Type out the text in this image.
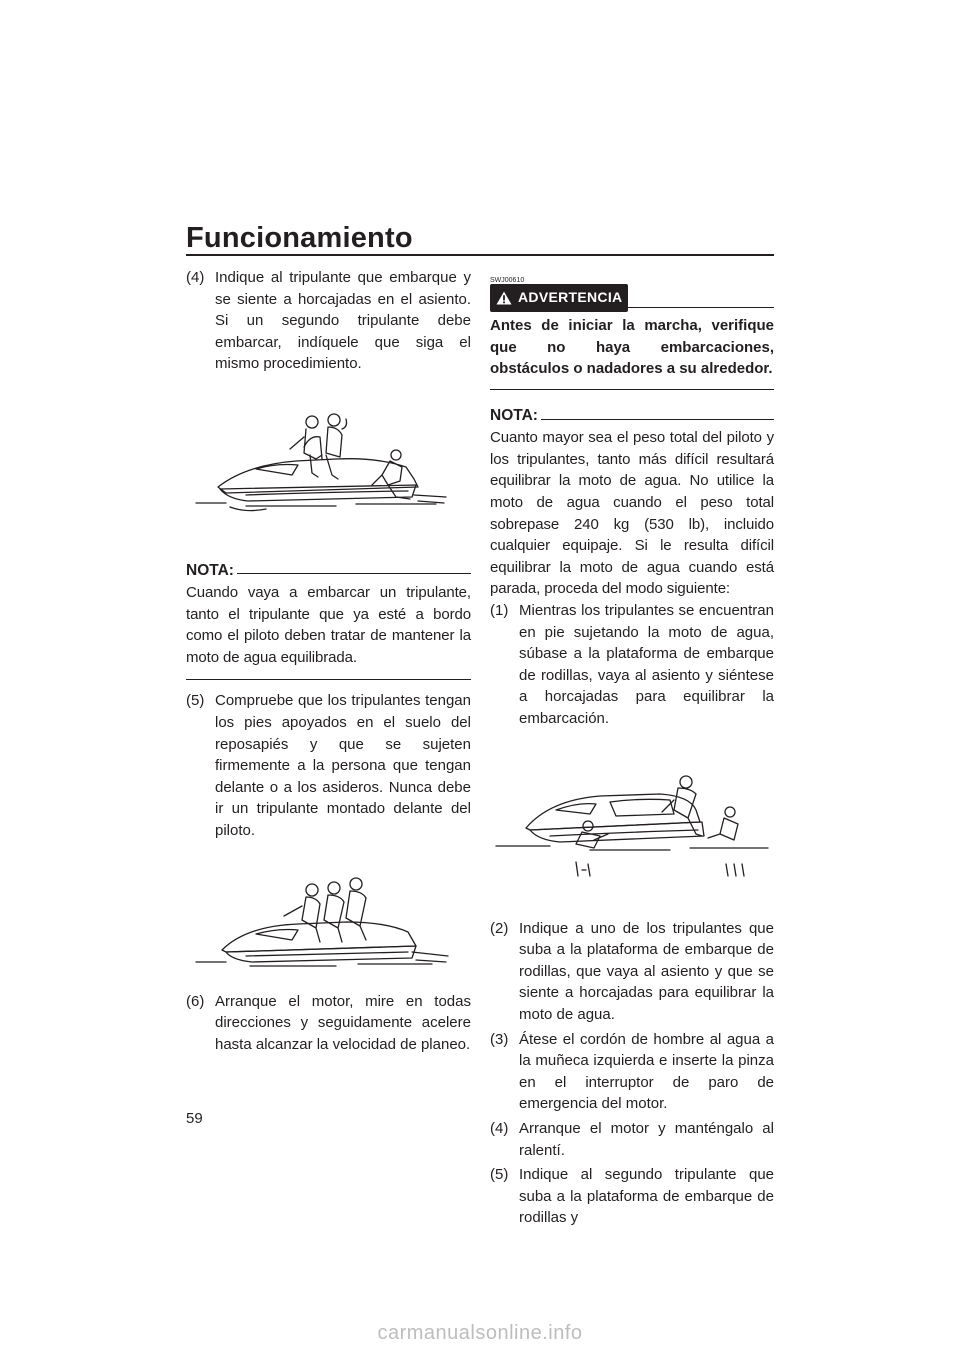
Funcionamiento
(4) Indique al tripulante que embarque y se siente a horcajadas en el asiento. Si un segundo tripulante debe embarcar, indíquele que siga el mismo procedimiento.
NOTA:
Cuando vaya a embarcar un tripulante, tanto el tripulante que ya esté a bordo como el piloto deben tratar de mantener la moto de agua equilibrada.
(5) Compruebe que los tripulantes tengan los pies apoyados en el suelo del reposapiés y que se sujeten firmemente a la persona que tengan delante o a los asideros. Nunca debe ir un tripulante montado delante del piloto.
(6) Arranque el motor, mire en todas direcciones y seguidamente acelere hasta alcanzar la velocidad de planeo.

SWJ00610

ADVERTENCIA
Antes de iniciar la marcha, verifique que no haya embarcaciones, obstáculos o nadadores a su alrededor.
NOTA:
Cuanto mayor sea el peso total del piloto y los tripulantes, tanto más difícil resultará equilibrar la moto de agua. No utilice la moto de agua cuando el peso total sobrepase 240 kg (530 lb), incluido cualquier equipaje. Si le resulta difícil equilibrar la moto de agua cuando está parada, proceda del modo siguiente:
(1) Mientras los tripulantes se encuentran en pie sujetando la moto de agua, súbase a la plataforma de embarque de rodillas, vaya al asiento y siéntese a horcajadas para equilibrar la embarcación.
(2) Indique a uno de los tripulantes que suba a la plataforma de embarque de rodillas, que vaya al asiento y que se siente a horcajadas para equilibrar la moto de agua.
(3) Átese el cordón de hombre al agua a la muñeca izquierda e inserte la pinza en el interruptor de paro de emergencia del motor.
(4) Arranque el motor y manténgalo al ralentí.
(5) Indique al segundo tripulante que suba a la plataforma de embarque de rodillas y
59
carmanualsonline.info
